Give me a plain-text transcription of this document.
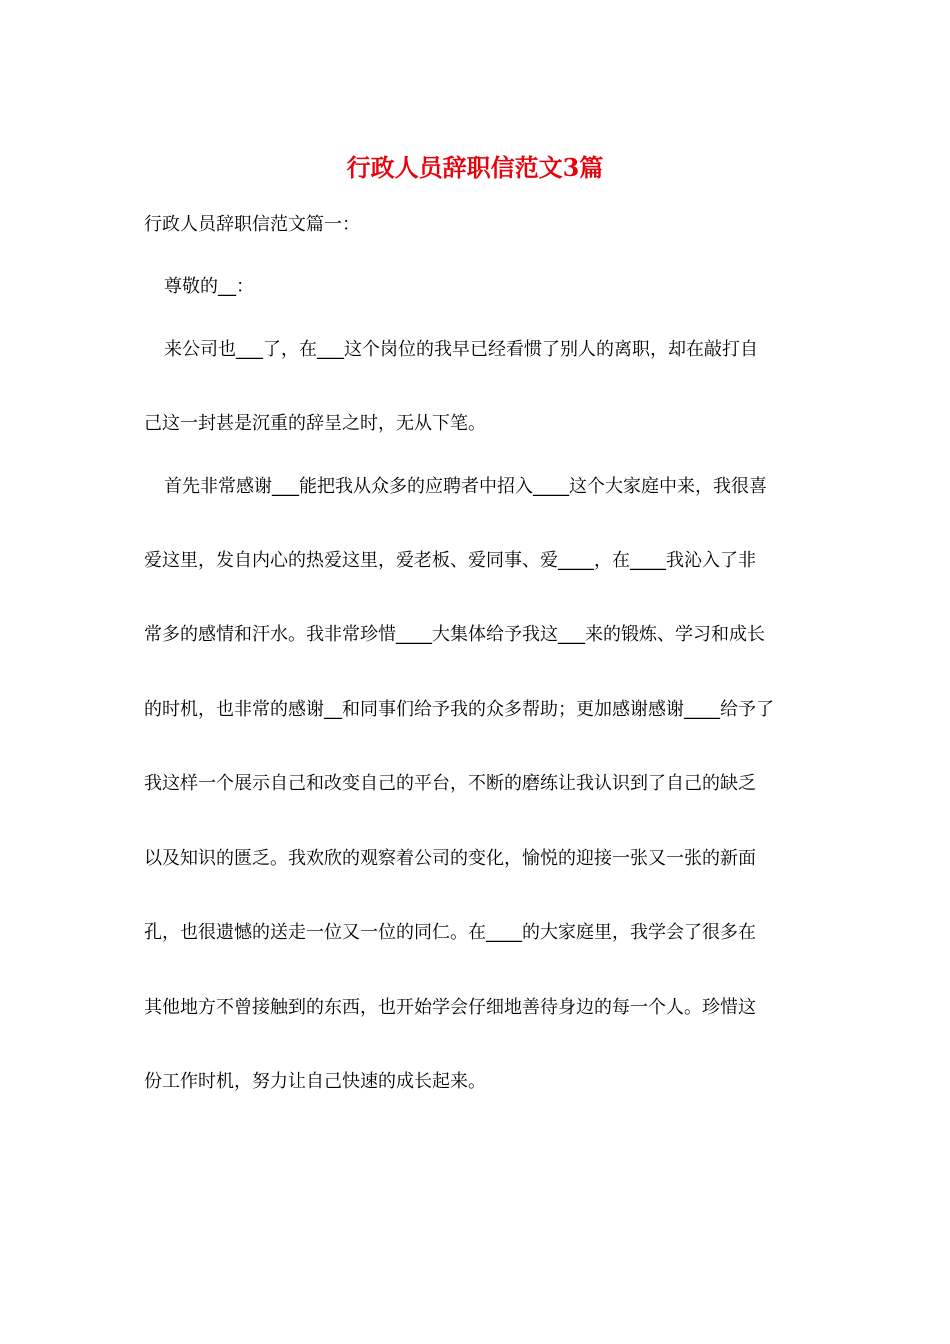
行政人员辞职信范文3篇

行政人员辞职信范文篇一：

尊敬的__：

来公司也___了，在___这个岗位的我早已经看惯了别人的离职，却在敲打自

己这一封甚是沉重的辞呈之时，无从下笔。

首先非常感谢___能把我从众多的应聘者中招入____这个大家庭中来，我很喜

爱这里，发自内心的热爱这里，爱老板、爱同事、爱____，在____我沁入了非

常多的感情和汗水。我非常珍惜____大集体给予我这___来的锻炼、学习和成长

的时机，也非常的感谢__和同事们给予我的众多帮助；更加感谢感谢____给予了

我这样一个展示自己和改变自己的平台，不断的磨练让我认识到了自己的缺乏

以及知识的匮乏。我欢欣的观察着公司的变化，愉悦的迎接一张又一张的新面

孔，也很遗憾的送走一位又一位的同仁。在____的大家庭里，我学会了很多在

其他地方不曾接触到的东西，也开始学会仔细地善待身边的每一个人。珍惜这

份工作时机，努力让自己快速的成长起来。
